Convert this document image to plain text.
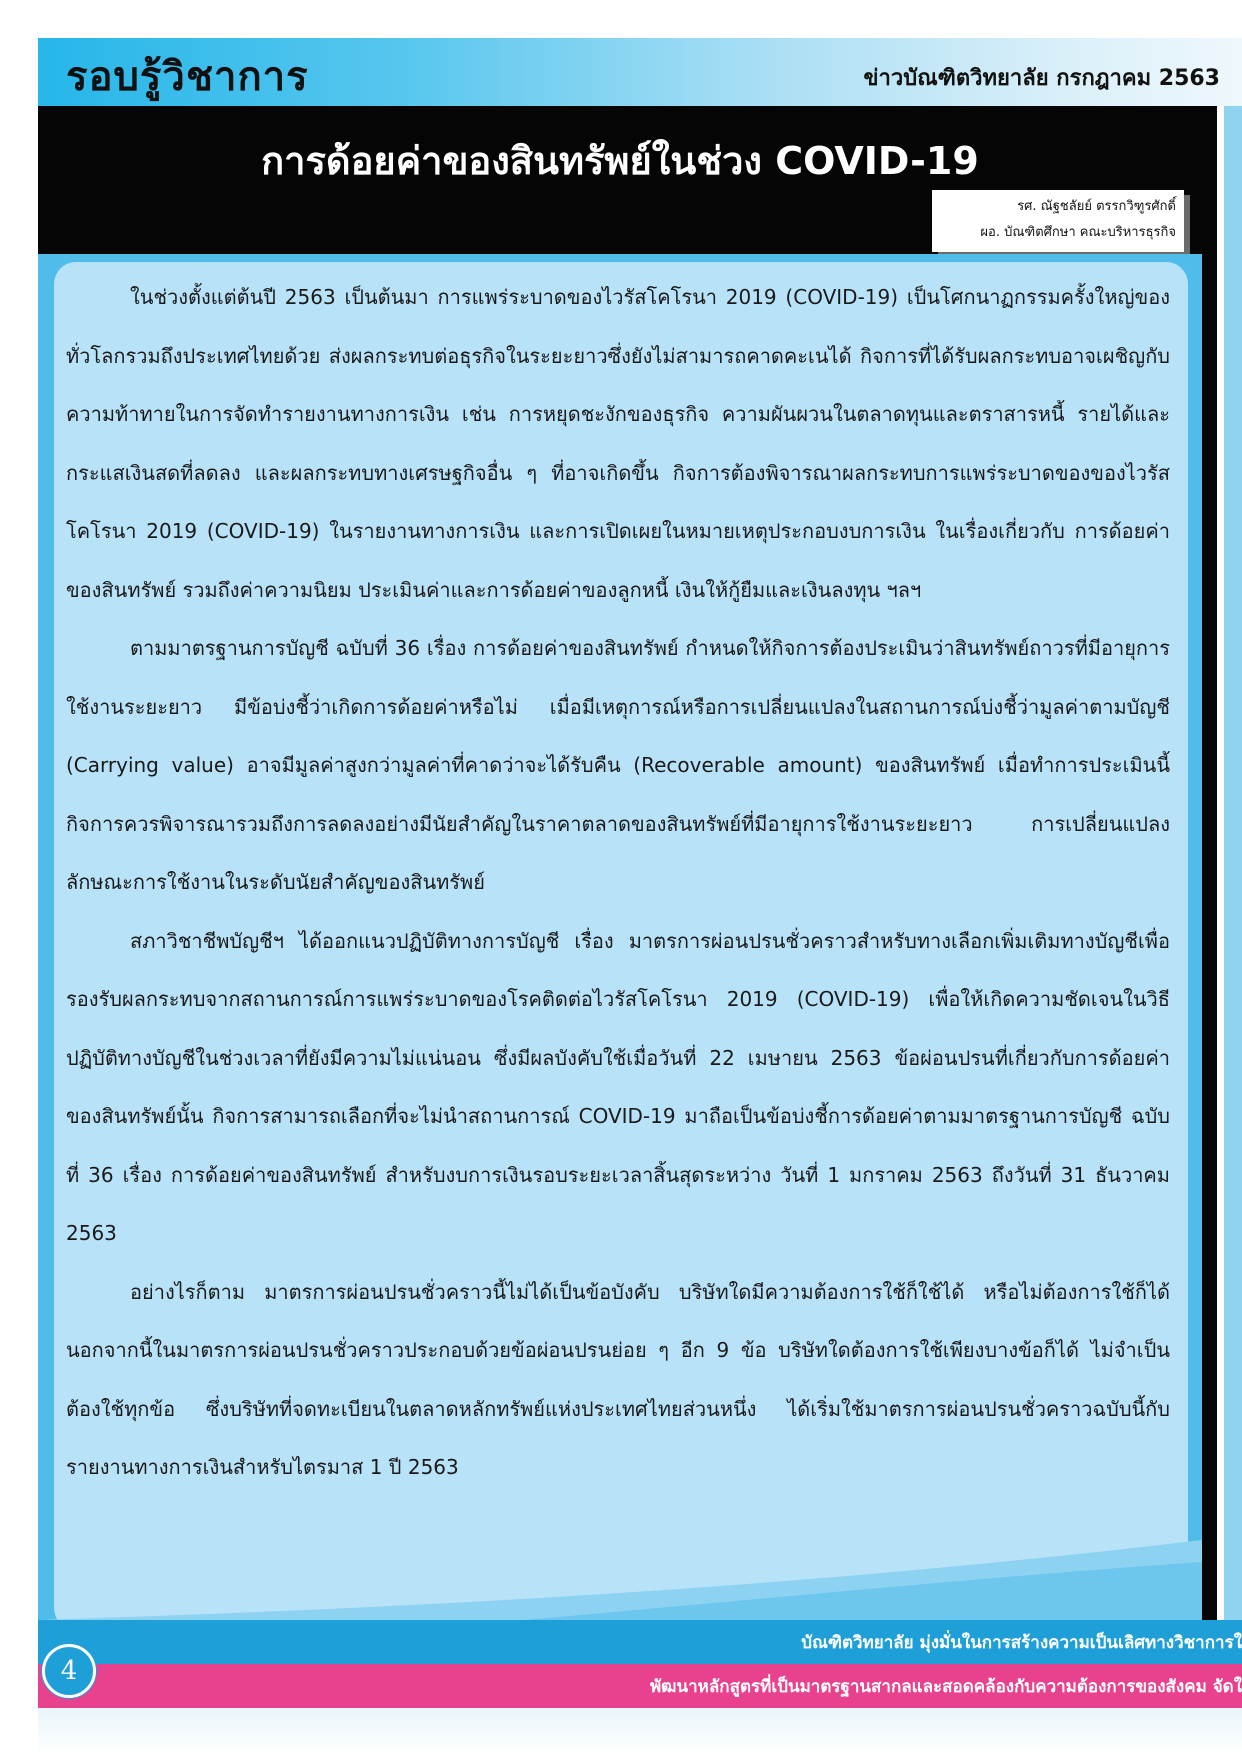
รอบรู้วิชาการ	ข่าวบัณฑิตวิทยาลัย กรกฎาคม 2563
การด้อยค่าของสินทรัพย์ในช่วง COVID-19
รศ. ณัฐชลัยย์ ตรรกวิฑูรศักดิ์
ผอ. บัณฑิตศึกษา คณะบริหารธุรกิจ

ในช่วงตั้งแต่ต้นปี 2563 เป็นต้นมา การแพร่ระบาดของไวรัสโคโรนา 2019 (COVID-19) เป็นโศกนาฏกรรมครั้งใหญ่ของทั่วโลกรวมถึงประเทศไทยด้วย ส่งผลกระทบต่อธุรกิจในระยะยาวซึ่งยังไม่สามารถคาดคะเนได้ กิจการที่ได้รับผลกระทบอาจเผชิญกับความท้าทายในการจัดทำรายงานทางการเงิน เช่น การหยุดชะงักของธุรกิจ ความผันผวนในตลาดทุนและตราสารหนี้ รายได้และกระแสเงินสดที่ลดลง และผลกระทบทางเศรษฐกิจอื่น ๆ ที่อาจเกิดขึ้น กิจการต้องพิจารณาผลกระทบการแพร่ระบาดของของไวรัสโคโรนา 2019 (COVID-19) ในรายงานทางการเงิน และการเปิดเผยในหมายเหตุประกอบงบการเงิน ในเรื่องเกี่ยวกับ การด้อยค่าของสินทรัพย์ รวมถึงค่าความนิยม ประเมินค่าและการด้อยค่าของลูกหนี้ เงินให้กู้ยืมและเงินลงทุน ฯลฯ

ตามมาตรฐานการบัญชี ฉบับที่ 36 เรื่อง การด้อยค่าของสินทรัพย์ กำหนดให้กิจการต้องประเมินว่าสินทรัพย์ถาวรที่มีอายุการใช้งานระยะยาว มีข้อบ่งชี้ว่าเกิดการด้อยค่าหรือไม่ เมื่อมีเหตุการณ์หรือการเปลี่ยนแปลงในสถานการณ์บ่งชี้ว่ามูลค่าตามบัญชี (Carrying value) อาจมีมูลค่าสูงกว่ามูลค่าที่คาดว่าจะได้รับคืน (Recoverable amount) ของสินทรัพย์ เมื่อทำการประเมินนี้ กิจการควรพิจารณารวมถึงการลดลงอย่างมีนัยสำคัญในราคาตลาดของสินทรัพย์ที่มีอายุการใช้งานระยะยาว การเปลี่ยนแปลงลักษณะการใช้งานในระดับนัยสำคัญของสินทรัพย์

สภาวิชาชีพบัญชีฯ ได้ออกแนวปฏิบัติทางการบัญชี เรื่อง มาตรการผ่อนปรนชั่วคราวสำหรับทางเลือกเพิ่มเติมทางบัญชีเพื่อรองรับผลกระทบจากสถานการณ์การแพร่ระบาดของโรคติดต่อไวรัสโคโรนา 2019 (COVID-19) เพื่อให้เกิดความชัดเจนในวิธีปฏิบัติทางบัญชีในช่วงเวลาที่ยังมีความไม่แน่นอน ซึ่งมีผลบังคับใช้เมื่อวันที่ 22 เมษายน 2563 ข้อผ่อนปรนที่เกี่ยวกับการด้อยค่าของสินทรัพย์นั้น กิจการสามารถเลือกที่จะไม่นำสถานการณ์ COVID-19 มาถือเป็นข้อบ่งชี้การด้อยค่าตามมาตรฐานการบัญชี ฉบับที่ 36 เรื่อง การด้อยค่าของสินทรัพย์ สำหรับงบการเงินรอบระยะเวลาสิ้นสุดระหว่าง วันที่ 1 มกราคม 2563 ถึงวันที่ 31 ธันวาคม 2563

อย่างไรก็ตาม มาตรการผ่อนปรนชั่วคราวนี้ไม่ได้เป็นข้อบังคับ บริษัทใดมีความต้องการใช้ก็ใช้ได้ หรือไม่ต้องการใช้ก็ได้ นอกจากนี้ในมาตรการผ่อนปรนชั่วคราวประกอบด้วยข้อผ่อนปรนย่อย ๆ อีก 9 ข้อ บริษัทใดต้องการใช้เพียงบางข้อก็ได้ ไม่จำเป็นต้องใช้ทุกข้อ ซึ่งบริษัทที่จดทะเบียนในตลาดหลักทรัพย์แห่งประเทศไทยส่วนหนึ่ง ได้เริ่มใช้มาตรการผ่อนปรนชั่วคราวฉบับนี้กับรายงานทางการเงินสำหรับไตรมาส 1 ปี 2563

บัณฑิตวิทยาลัย มุ่งมั่นในการสร้างความเป็นเลิศทางวิชาการใ
พัฒนาหลักสูตรที่เป็นมาตรฐานสากลและสอดคล้องกับความต้องการของสังคม จัดใ
4
